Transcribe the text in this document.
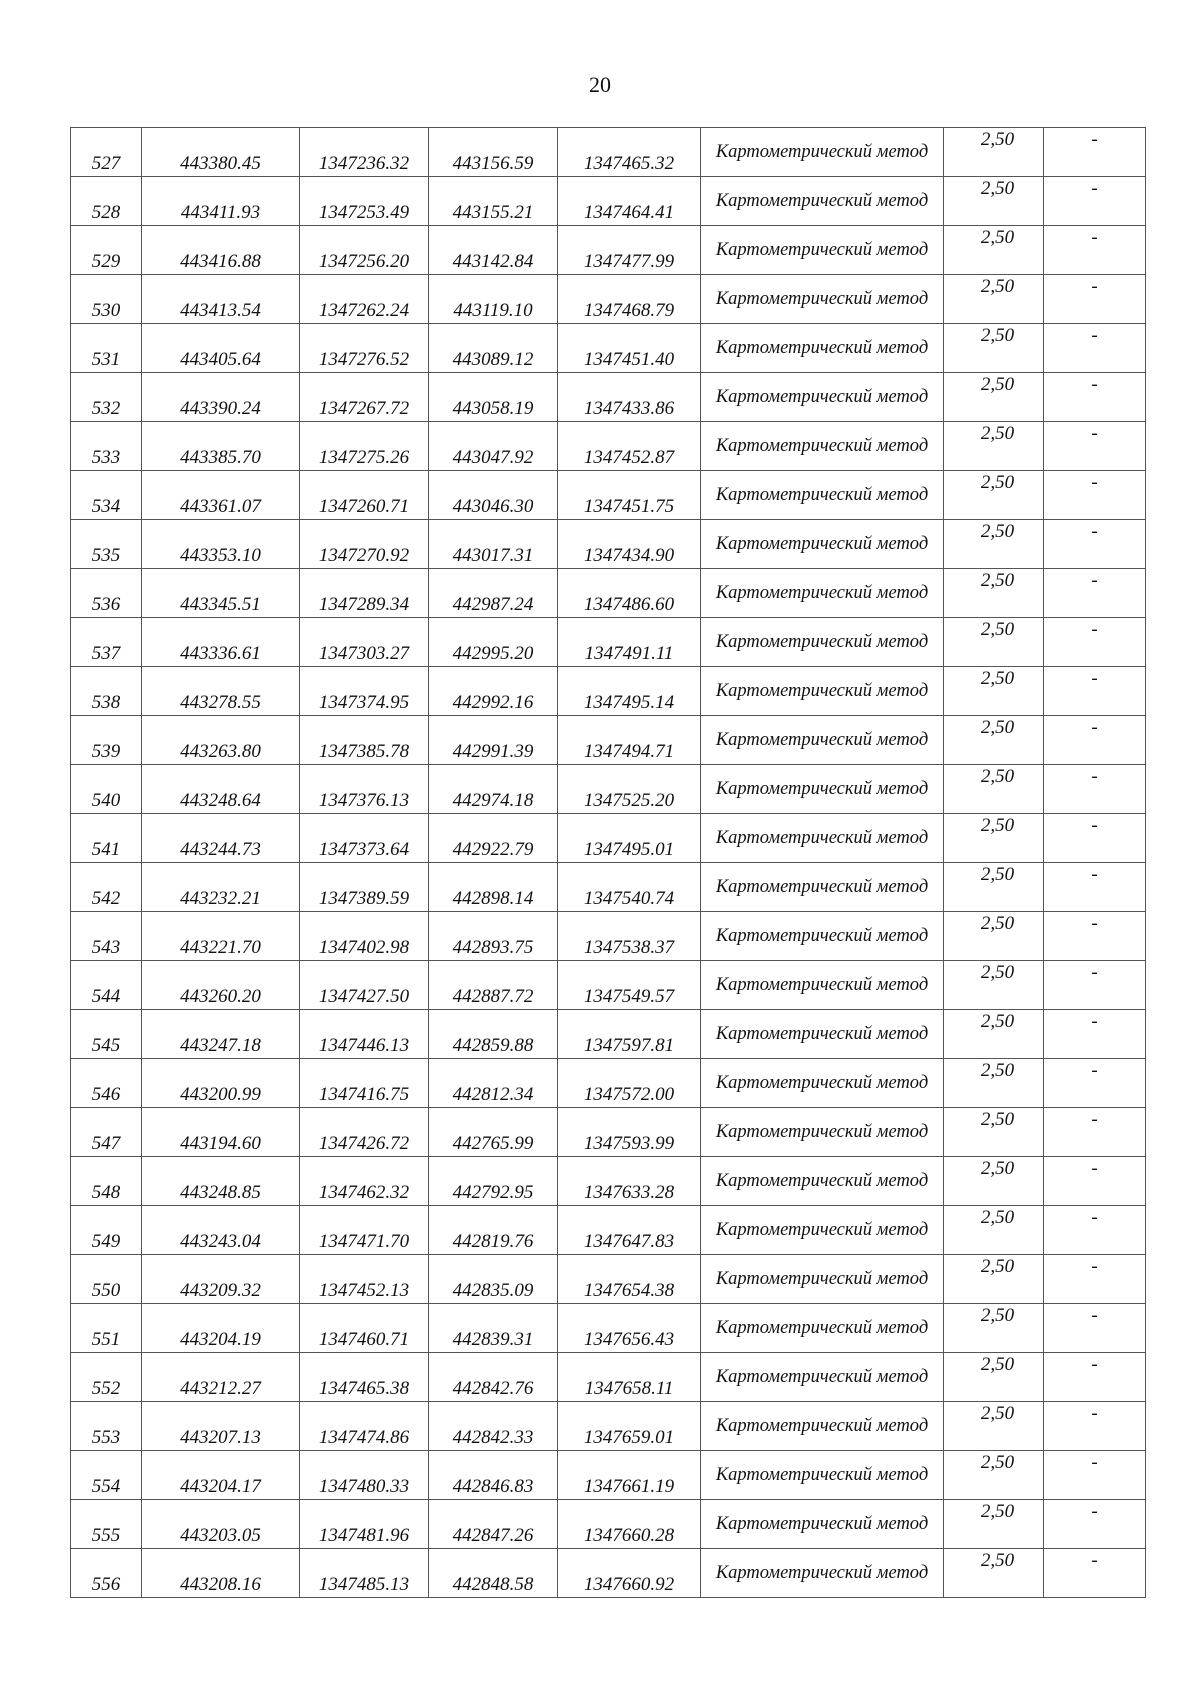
20
527	443380.45	1347236.32	443156.59	1347465.32	Картометрический метод	2,50	-
528	443411.93	1347253.49	443155.21	1347464.41	Картометрический метод	2,50	-
529	443416.88	1347256.20	443142.84	1347477.99	Картометрический метод	2,50	-
530	443413.54	1347262.24	443119.10	1347468.79	Картометрический метод	2,50	-
531	443405.64	1347276.52	443089.12	1347451.40	Картометрический метод	2,50	-
532	443390.24	1347267.72	443058.19	1347433.86	Картометрический метод	2,50	-
533	443385.70	1347275.26	443047.92	1347452.87	Картометрический метод	2,50	-
534	443361.07	1347260.71	443046.30	1347451.75	Картометрический метод	2,50	-
535	443353.10	1347270.92	443017.31	1347434.90	Картометрический метод	2,50	-
536	443345.51	1347289.34	442987.24	1347486.60	Картометрический метод	2,50	-
537	443336.61	1347303.27	442995.20	1347491.11	Картометрический метод	2,50	-
538	443278.55	1347374.95	442992.16	1347495.14	Картометрический метод	2,50	-
539	443263.80	1347385.78	442991.39	1347494.71	Картометрический метод	2,50	-
540	443248.64	1347376.13	442974.18	1347525.20	Картометрический метод	2,50	-
541	443244.73	1347373.64	442922.79	1347495.01	Картометрический метод	2,50	-
542	443232.21	1347389.59	442898.14	1347540.74	Картометрический метод	2,50	-
543	443221.70	1347402.98	442893.75	1347538.37	Картометрический метод	2,50	-
544	443260.20	1347427.50	442887.72	1347549.57	Картометрический метод	2,50	-
545	443247.18	1347446.13	442859.88	1347597.81	Картометрический метод	2,50	-
546	443200.99	1347416.75	442812.34	1347572.00	Картометрический метод	2,50	-
547	443194.60	1347426.72	442765.99	1347593.99	Картометрический метод	2,50	-
548	443248.85	1347462.32	442792.95	1347633.28	Картометрический метод	2,50	-
549	443243.04	1347471.70	442819.76	1347647.83	Картометрический метод	2,50	-
550	443209.32	1347452.13	442835.09	1347654.38	Картометрический метод	2,50	-
551	443204.19	1347460.71	442839.31	1347656.43	Картометрический метод	2,50	-
552	443212.27	1347465.38	442842.76	1347658.11	Картометрический метод	2,50	-
553	443207.13	1347474.86	442842.33	1347659.01	Картометрический метод	2,50	-
554	443204.17	1347480.33	442846.83	1347661.19	Картометрический метод	2,50	-
555	443203.05	1347481.96	442847.26	1347660.28	Картометрический метод	2,50	-
556	443208.16	1347485.13	442848.58	1347660.92	Картометрический метод	2,50	-
